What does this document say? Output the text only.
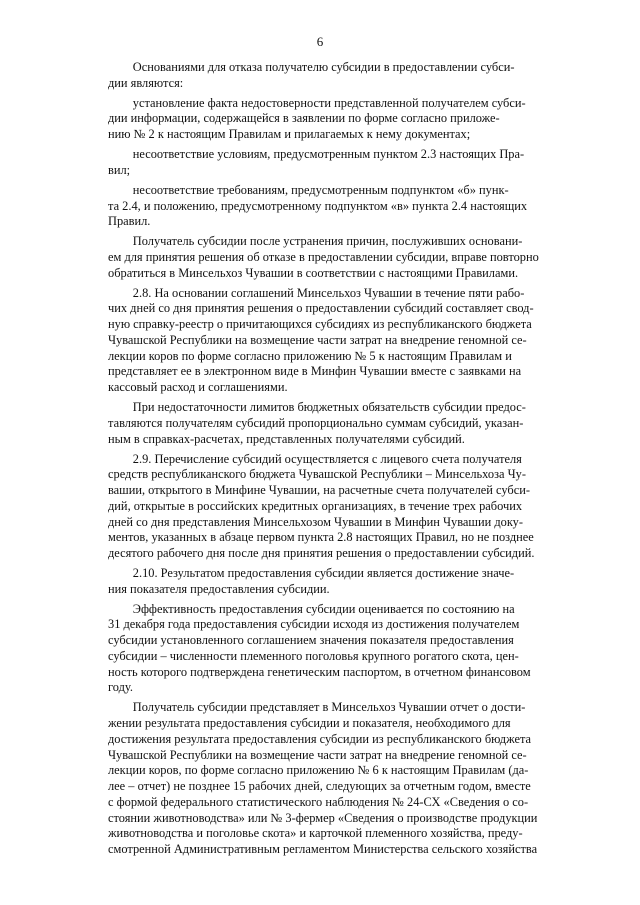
6

  Основаниями для отказа получателю субсидии в предоставлении субси-
дии являются:

  установление факта недостоверности представленной получателем субси-
дии информации, содержащейся в заявлении по форме согласно приложе-
нию № 2 к настоящим Правилам и прилагаемых к нему документах;

  несоответствие условиям, предусмотренным пунктом 2.3 настоящих Пра-
вил;

  несоответствие требованиям, предусмотренным подпунктом «б» пунк-
та 2.4, и положению, предусмотренному подпунктом «в» пункта 2.4 настоящих
Правил.

  Получатель субсидии после устранения причин, послуживших основани-
ем для принятия решения об отказе в предоставлении субсидии, вправе повторно
обратиться в Минсельхоз Чувашии в соответствии с настоящими Правилами.

  2.8. На основании соглашений Минсельхоз Чувашии в течение пяти рабо-
чих дней со дня принятия решения о предоставлении субсидий составляет свод-
ную справку-реестр о причитающихся субсидиях из республиканского бюджета
Чувашской Республики на возмещение части затрат на внедрение геномной се-
лекции коров по форме согласно приложению № 5 к настоящим Правилам и
представляет ее в электронном виде в Минфин Чувашии вместе с заявками на
кассовый расход и соглашениями.

  При недостаточности лимитов бюджетных обязательств субсидии предос-
тавляются получателям субсидий пропорционально суммам субсидий, указан-
ным в справках-расчетах, представленных получателями субсидий.

  2.9. Перечисление субсидий осуществляется с лицевого счета получателя
средств республиканского бюджета Чувашской Республики – Минсельхоза Чу-
вашии, открытого в Минфине Чувашии, на расчетные счета получателей субси-
дий, открытые в российских кредитных организациях, в течение трех рабочих
дней со дня представления Минсельхозом Чувашии в Минфин Чувашии доку-
ментов, указанных в абзаце первом пункта 2.8 настоящих Правил, но не позднее
десятого рабочего дня после дня принятия решения о предоставлении субсидий.

  2.10. Результатом предоставления субсидии является достижение значе-
ния показателя предоставления субсидии.

  Эффективность предоставления субсидии оценивается по состоянию на
31 декабря года предоставления субсидии исходя из достижения получателем
субсидии установленного соглашением значения показателя предоставления
субсидии – численности племенного поголовья крупного рогатого скота, цен-
ность которого подтверждена генетическим паспортом, в отчетном финансовом
году.

  Получатель субсидии представляет в Минсельхоз Чувашии отчет о дости-
жении результата предоставления субсидии и показателя, необходимого для
достижения результата предоставления субсидии из республиканского бюджета
Чувашской Республики на возмещение части затрат на внедрение геномной се-
лекции коров, по форме согласно приложению № 6 к настоящим Правилам (да-
лее – отчет) не позднее 15 рабочих дней, следующих за отчетным годом, вместе
с формой федерального статистического наблюдения № 24-СХ «Сведения о со-
стоянии животноводства» или № 3-фермер «Сведения о производстве продукции
животноводства и поголовье скота» и карточкой племенного хозяйства, преду-
смотренной Административным регламентом Министерства сельского хозяйства
